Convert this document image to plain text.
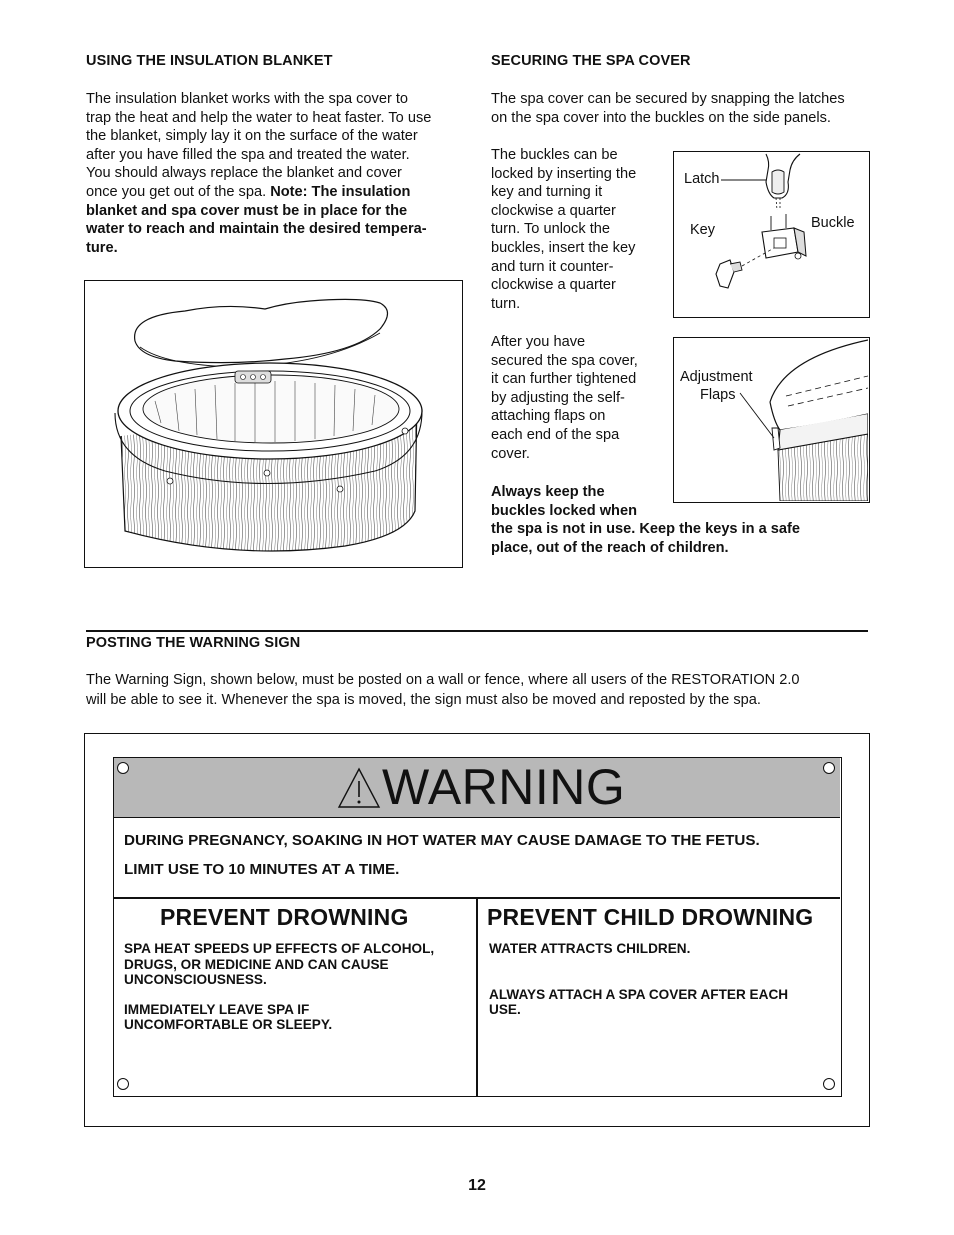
USING THE INSULATION BLANKET

The insulation blanket works with the spa cover to

trap the heat and help the water to heat faster. To use

the blanket, simply lay it on the surface of the water

after you have filled the spa and treated the water.

You should always replace the blanket and cover

once you get out of the spa. Note: The insulation

blanket and spa cover must be in place for the

water to reach and maintain the desired tempera-

ture.

SECURING THE SPA COVER

The spa cover can be secured by snapping the latches

on the spa cover into the buckles on the side panels.

The buckles can be

locked by inserting the

key and turning it

clockwise a quarter

turn. To unlock the

buckles, insert the key

and turn it counter-

clockwise a quarter

turn.

Latch
Key	Buckle

After you have

secured the spa cover,

it can further tightened

by adjusting the self-

attaching flaps on

each end of the spa

cover.

Adjustment
Flaps

Always keep the

buckles locked when

the spa is not in use. Keep the keys in a safe

place, out of the reach of children.

POSTING THE WARNING SIGN

The Warning Sign, shown below, must be posted on a wall or fence, where all users of the RESTORATION 2.0

will be able to see it. Whenever the spa is moved, the sign must also be moved and reposted by the spa.

WARNING
DURING PREGNANCY, SOAKING IN HOT WATER MAY CAUSE DAMAGE TO THE FETUS.
LIMIT USE TO 10 MINUTES AT A TIME.
PREVENT DROWNING
SPA HEAT SPEEDS UP EFFECTS OF ALCOHOL,
DRUGS, OR MEDICINE AND CAN CAUSE
UNCONSCIOUSNESS.
IMMEDIATELY LEAVE SPA IF
UNCOMFORTABLE OR SLEEPY.
PREVENT CHILD DROWNING
WATER ATTRACTS CHILDREN.
ALWAYS ATTACH A SPA COVER AFTER EACH
USE.
12
